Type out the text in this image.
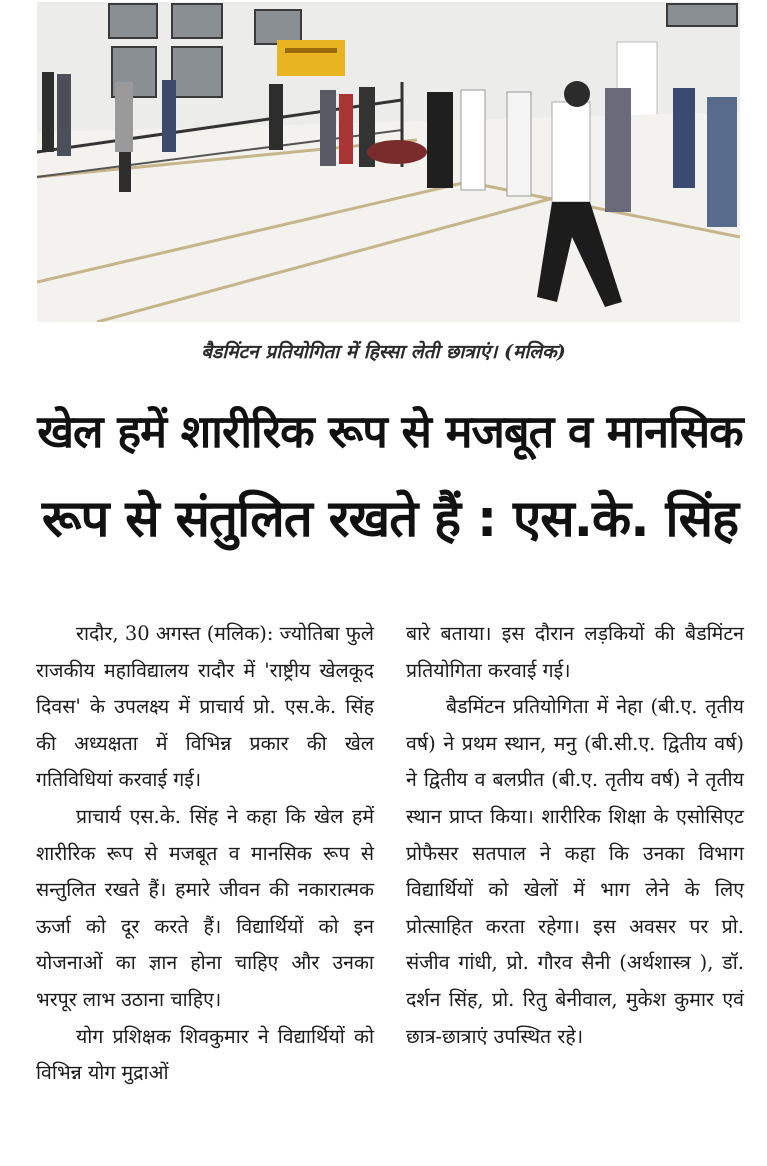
बैडमिंटन प्रतियोगिता में हिस्सा लेती छात्राएं। (मलिक)

खेल हमें शारीरिक रूप से मजबूत व मानसिक
रूप से संतुलित रखते हैं : एस.के. सिंह

रादौर, 30 अगस्त (मलिक): ज्योतिबा फुले राजकीय महाविद्यालय रादौर में 'राष्ट्रीय खेलकूद दिवस' के उपलक्ष्य में प्राचार्य प्रो. एस.के. सिंह की अध्यक्षता में विभिन्न प्रकार की खेल गतिविधियां करवाई गई।

प्राचार्य एस.के. सिंह ने कहा कि खेल हमें शारीरिक रूप से मजबूत व मानसिक रूप से सन्तुलित रखते हैं। हमारे जीवन की नकारात्मक ऊर्जा को दूर करते हैं। विद्यार्थियों को इन योजनाओं का ज्ञान होना चाहिए और उनका भरपूर लाभ उठाना चाहिए।

योग प्रशिक्षक शिवकुमार ने विद्यार्थियों को विभिन्न योग मुद्राओं

बारे बताया। इस दौरान लड़कियों की बैडमिंटन प्रतियोगिता करवाई गई।

बैडमिंटन प्रतियोगिता में नेहा (बी.ए. तृतीय वर्ष) ने प्रथम स्थान, मनु (बी.सी.ए. द्वितीय वर्ष) ने द्वितीय व बलप्रीत (बी.ए. तृतीय वर्ष) ने तृतीय स्थान प्राप्त किया। शारीरिक शिक्षा के एसोसिएट प्रोफैसर सतपाल ने कहा कि उनका विभाग विद्यार्थियों को खेलों में भाग लेने के लिए प्रोत्साहित करता रहेगा। इस अवसर पर प्रो. संजीव गांधी, प्रो. गौरव सैनी (अर्थशास्त्र ), डॉ. दर्शन सिंह, प्रो. रितु बेनीवाल, मुकेश कुमार एवं छात्र-छात्राएं उपस्थित रहे।
